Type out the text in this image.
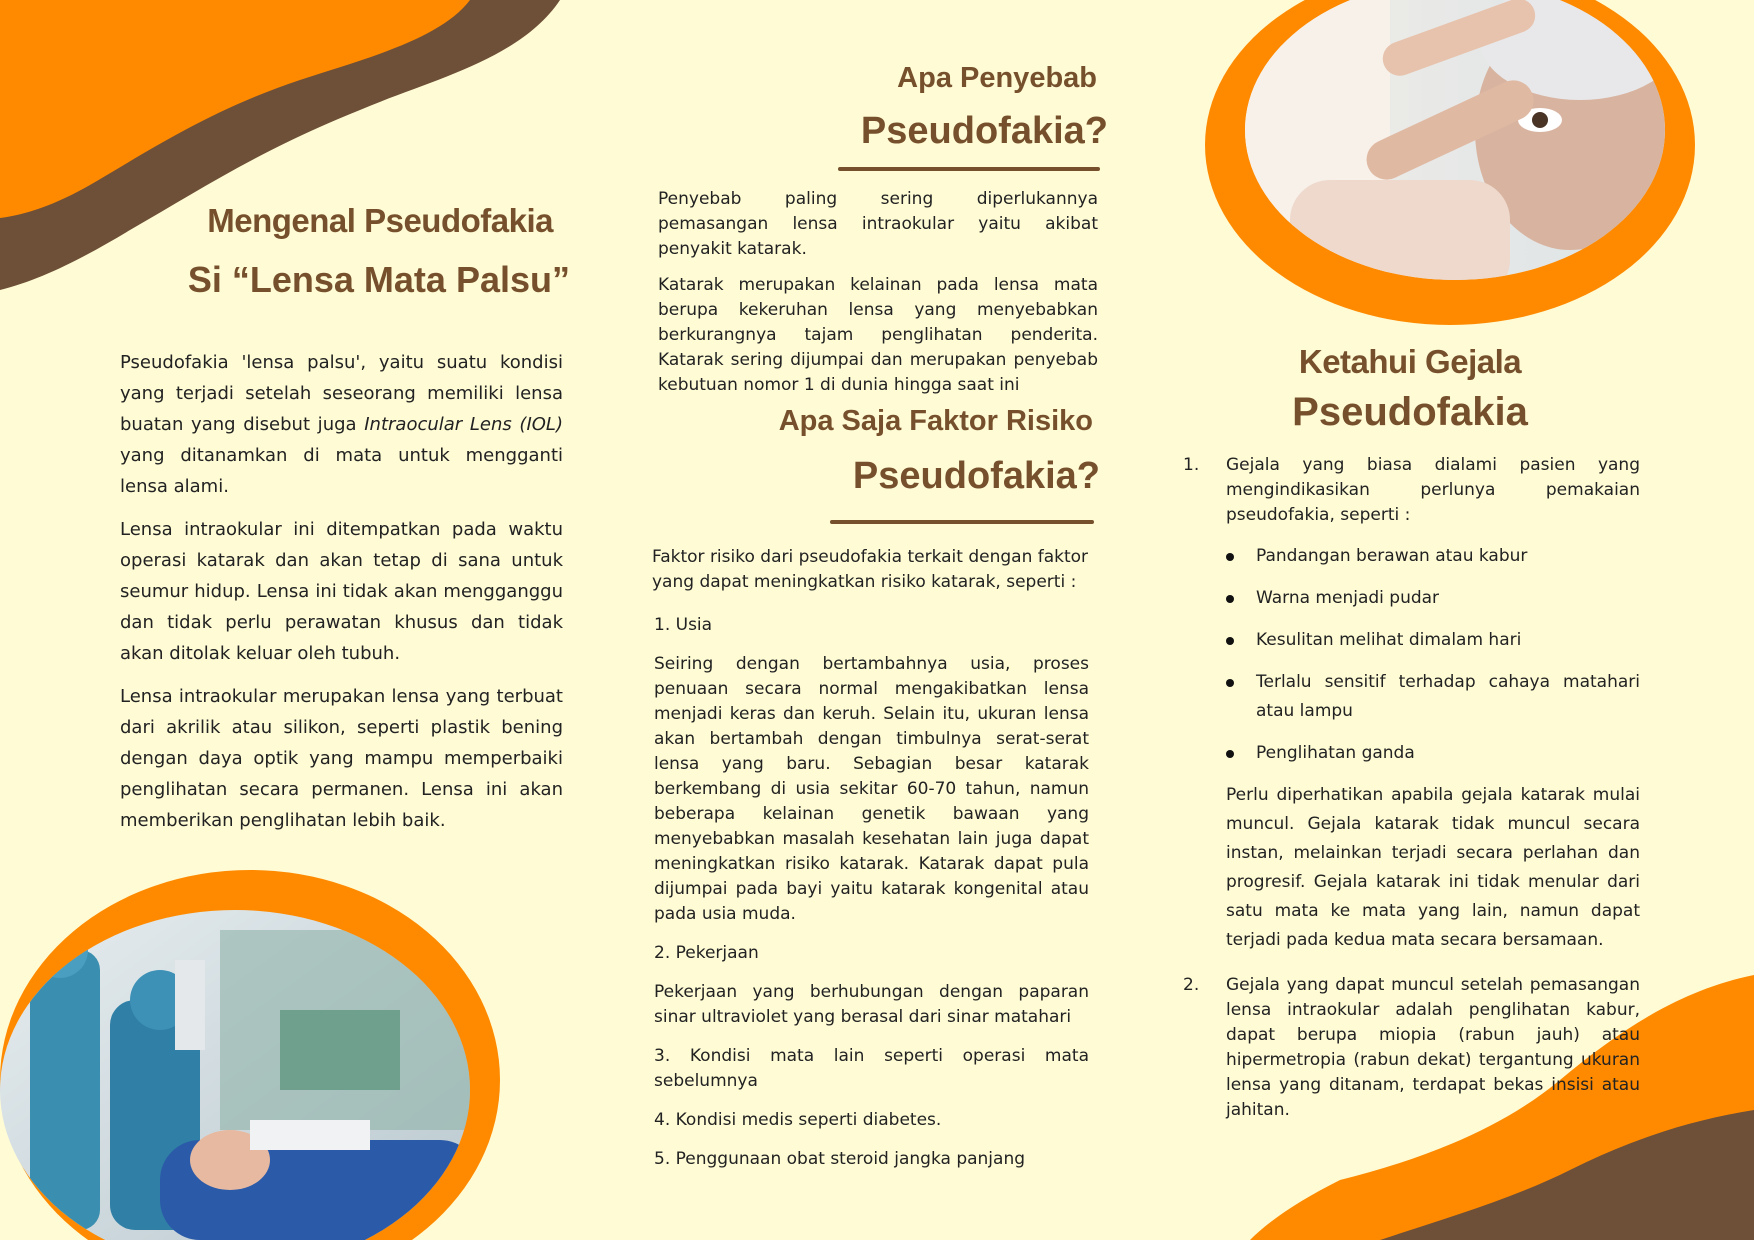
Mengenal Pseudofakia
Si “Lensa Mata Palsu”

Pseudofakia 'lensa palsu', yaitu suatu kondisi yang terjadi setelah seseorang memiliki lensa buatan yang disebut juga Intraocular Lens (IOL) yang ditanamkan di mata untuk mengganti lensa alami.

Lensa intraokular ini ditempatkan pada waktu operasi katarak dan akan tetap di sana untuk seumur hidup. Lensa ini tidak akan mengganggu dan tidak perlu perawatan khusus dan tidak akan ditolak keluar oleh tubuh.

Lensa intraokular merupakan lensa yang terbuat dari akrilik atau silikon, seperti plastik bening dengan daya optik yang mampu memperbaiki penglihatan secara permanen. Lensa ini akan memberikan penglihatan lebih baik.

Apa Penyebab
Pseudofakia?

Penyebab paling sering diperlukannya pemasangan lensa intraokular yaitu akibat penyakit katarak.

Katarak merupakan kelainan pada lensa mata berupa kekeruhan lensa yang menyebabkan berkurangnya tajam penglihatan penderita. Katarak sering dijumpai dan merupakan penyebab kebutuan nomor 1 di dunia hingga saat ini

Apa Saja Faktor Risiko
Pseudofakia?

Faktor risiko dari pseudofakia terkait dengan faktor yang dapat meningkatkan risiko katarak, seperti :

1. Usia

Seiring dengan bertambahnya usia, proses penuaan secara normal mengakibatkan lensa menjadi keras dan keruh. Selain itu, ukuran lensa akan bertambah dengan timbulnya serat-serat lensa yang baru. Sebagian besar katarak berkembang di usia sekitar 60-70 tahun, namun beberapa kelainan genetik bawaan yang menyebabkan masalah kesehatan lain juga dapat meningkatkan risiko katarak. Katarak dapat pula dijumpai pada bayi yaitu katarak kongenital atau pada usia muda.

2. Pekerjaan

Pekerjaan yang berhubungan dengan paparan sinar ultraviolet yang berasal dari sinar matahari

3. Kondisi mata lain seperti operasi mata sebelumnya

4. Kondisi medis seperti diabetes.

5. Penggunaan obat steroid jangka panjang

Ketahui Gejala
Pseudofakia
1. Gejala yang biasa dialami pasien yang mengindikasikan perlunya pemakaian pseudofakia, seperti :

Pandangan berawan atau kabur
Warna menjadi pudar
Kesulitan melihat dimalam hari
Terlalu sensitif terhadap cahaya matahari atau lampu
Penglihatan ganda

Perlu diperhatikan apabila gejala katarak mulai muncul. Gejala katarak tidak muncul secara instan, melainkan terjadi secara perlahan dan progresif. Gejala katarak ini tidak menular dari satu mata ke mata yang lain, namun dapat terjadi pada kedua mata secara bersamaan.

2. Gejala yang dapat muncul setelah pemasangan lensa intraokular adalah penglihatan kabur, dapat berupa miopia (rabun jauh) atau hipermetropia (rabun dekat) tergantung ukuran lensa yang ditanam, terdapat bekas insisi atau jahitan.
